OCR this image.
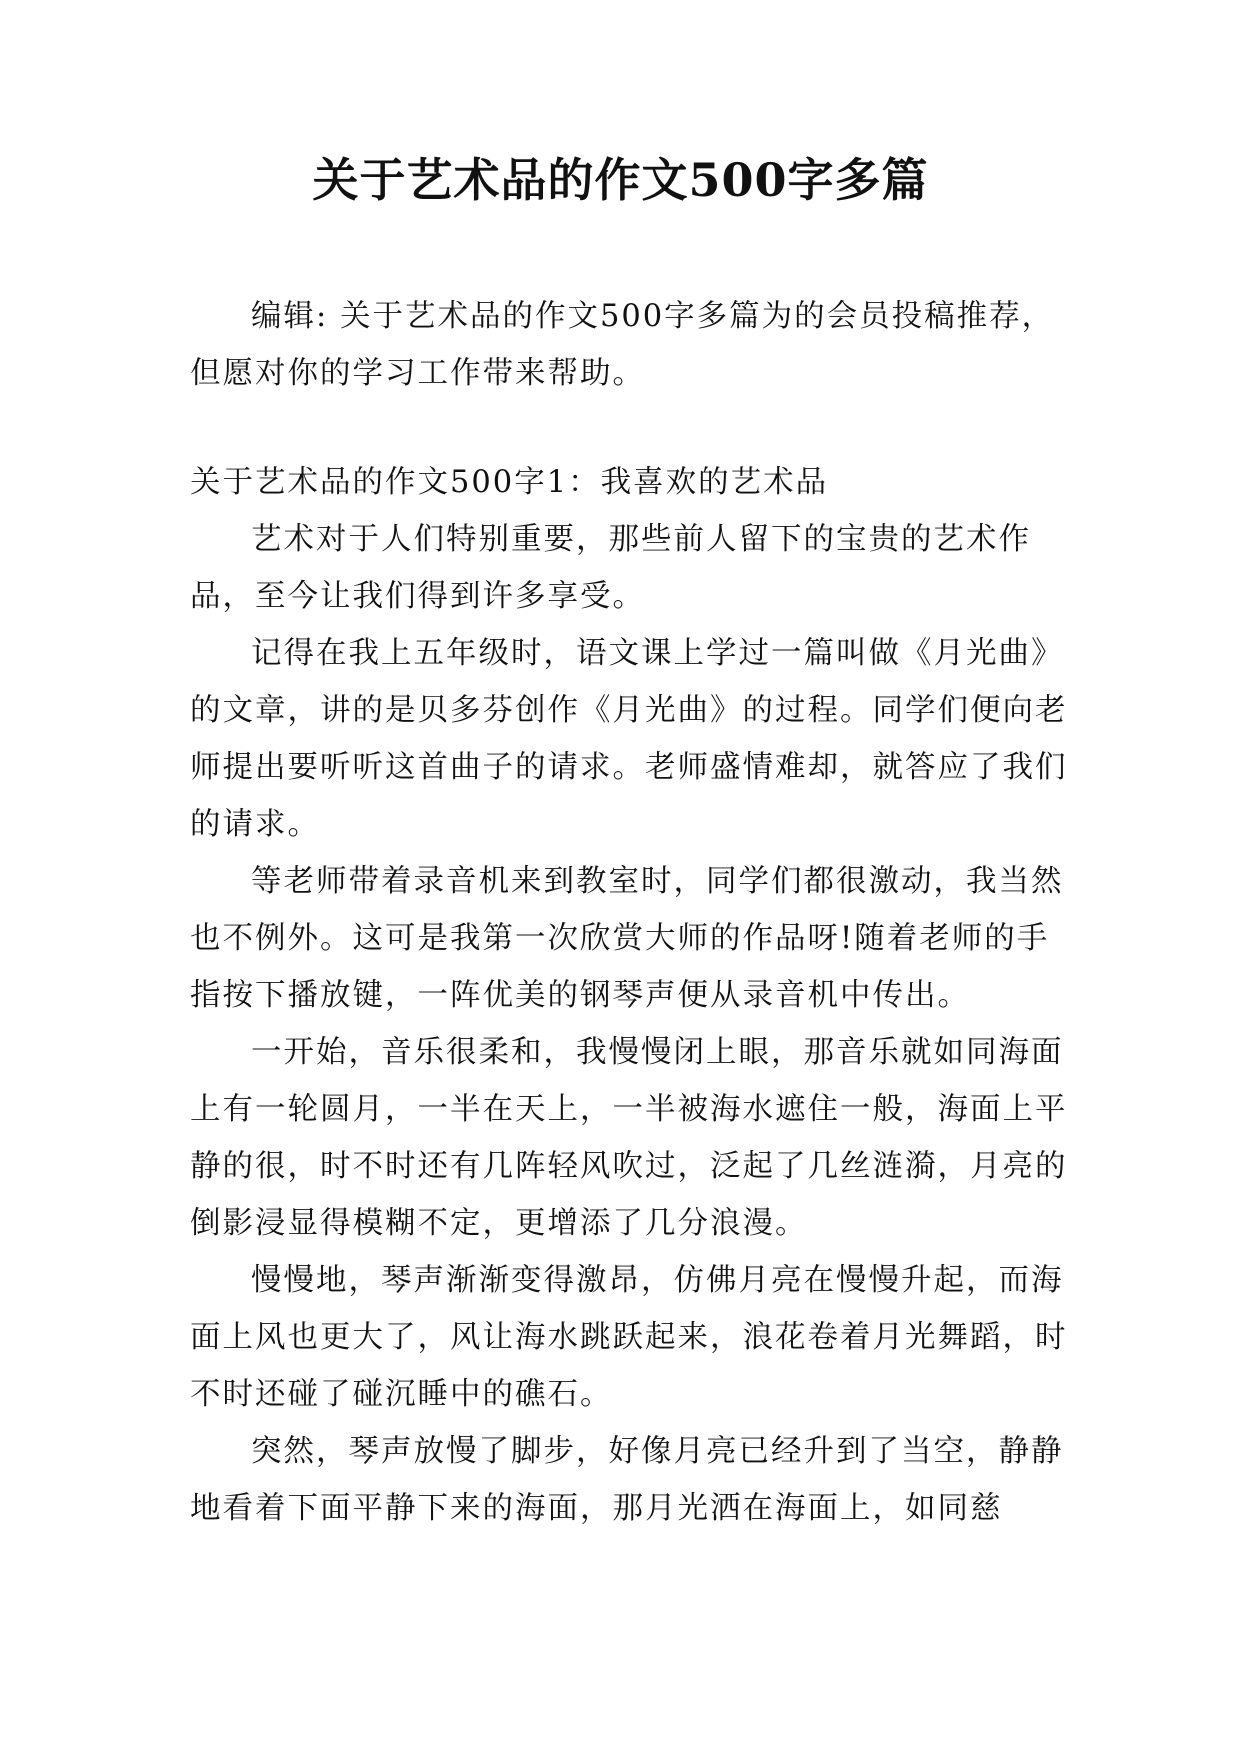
关于艺术品的作文500字多篇

编辑: 关于艺术品的作文500字多篇为的会员投稿推荐，但愿对你的学习工作带来帮助。

关于艺术品的作文500字1：我喜欢的艺术品

艺术对于人们特别重要，那些前人留下的宝贵的艺术作品，至今让我们得到许多享受。

记得在我上五年级时，语文课上学过一篇叫做《月光曲》的文章，讲的是贝多芬创作《月光曲》的过程。同学们便向老师提出要听听这首曲子的请求。老师盛情难却，就答应了我们的请求。

等老师带着录音机来到教室时，同学们都很激动，我当然也不例外。这可是我第一次欣赏大师的作品呀!随着老师的手指按下播放键，一阵优美的钢琴声便从录音机中传出。

一开始，音乐很柔和，我慢慢闭上眼，那音乐就如同海面上有一轮圆月，一半在天上，一半被海水遮住一般，海面上平静的很，时不时还有几阵轻风吹过，泛起了几丝涟漪，月亮的倒影浸显得模糊不定，更增添了几分浪漫。

慢慢地，琴声渐渐变得激昂，仿佛月亮在慢慢升起，而海面上风也更大了，风让海水跳跃起来，浪花卷着月光舞蹈，时不时还碰了碰沉睡中的礁石。

突然，琴声放慢了脚步，好像月亮已经升到了当空，静静地看着下面平静下来的海面，那月光洒在海面上，如同慈
